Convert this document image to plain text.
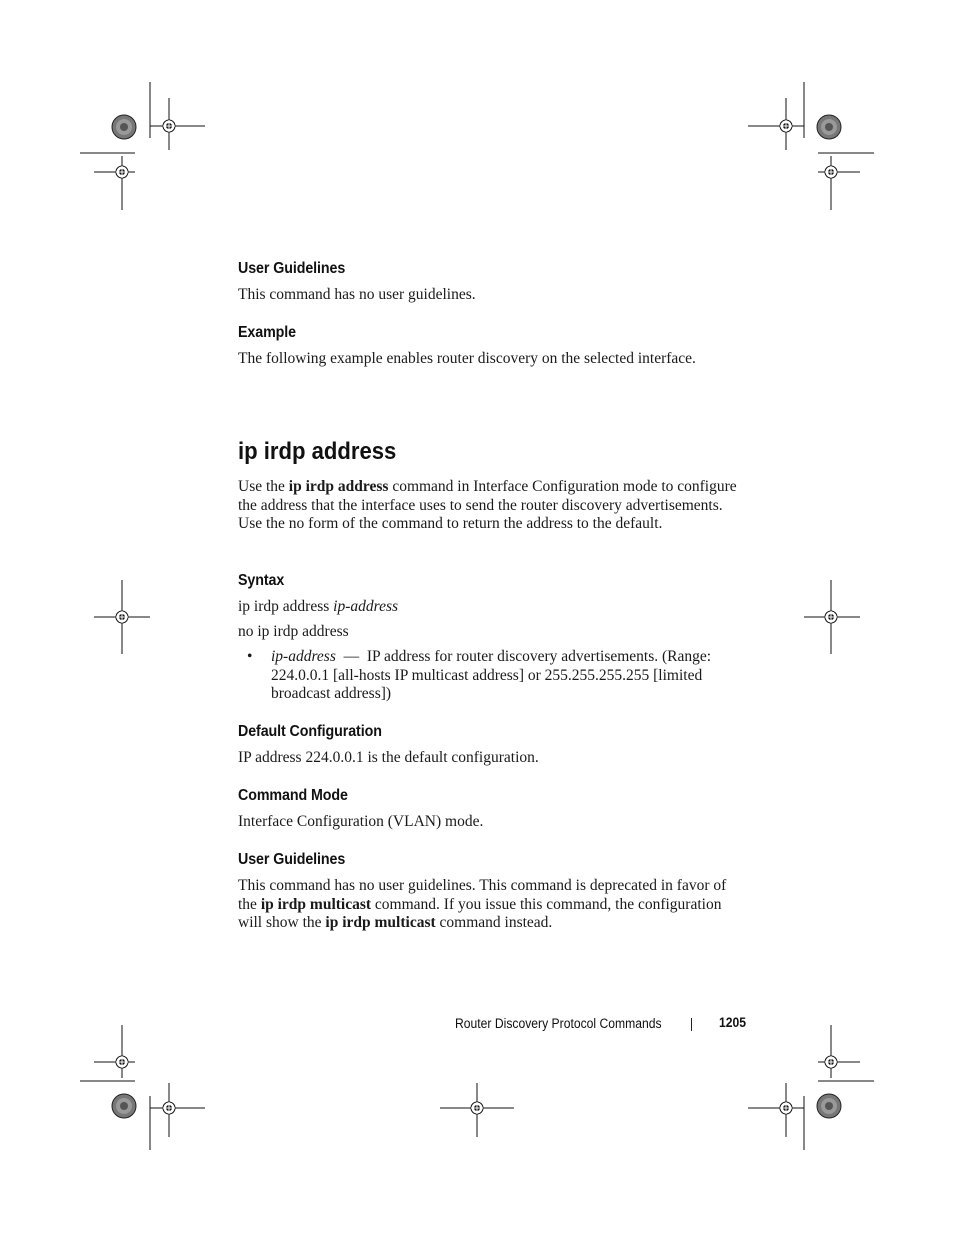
User Guidelines
This command has no user guidelines.
Example
The following example enables router discovery on the selected interface.
ip irdp address
Use the ip irdp address command in Interface Configuration mode to configure the address that the interface uses to send the router discovery advertisements. Use the no form of the command to return the address to the default.
Syntax
ip irdp address ip-address
no ip irdp address
• ip-address — IP address for router discovery advertisements. (Range: 224.0.0.1 [all-hosts IP multicast address] or 255.255.255.255 [limited broadcast address])
Default Configuration
IP address 224.0.0.1 is the default configuration.
Command Mode
Interface Configuration (VLAN) mode.
User Guidelines
This command has no user guidelines. This command is deprecated in favor of the ip irdp multicast command. If you issue this command, the configuration will show the ip irdp multicast command instead.
Router Discovery Protocol Commands	1205
